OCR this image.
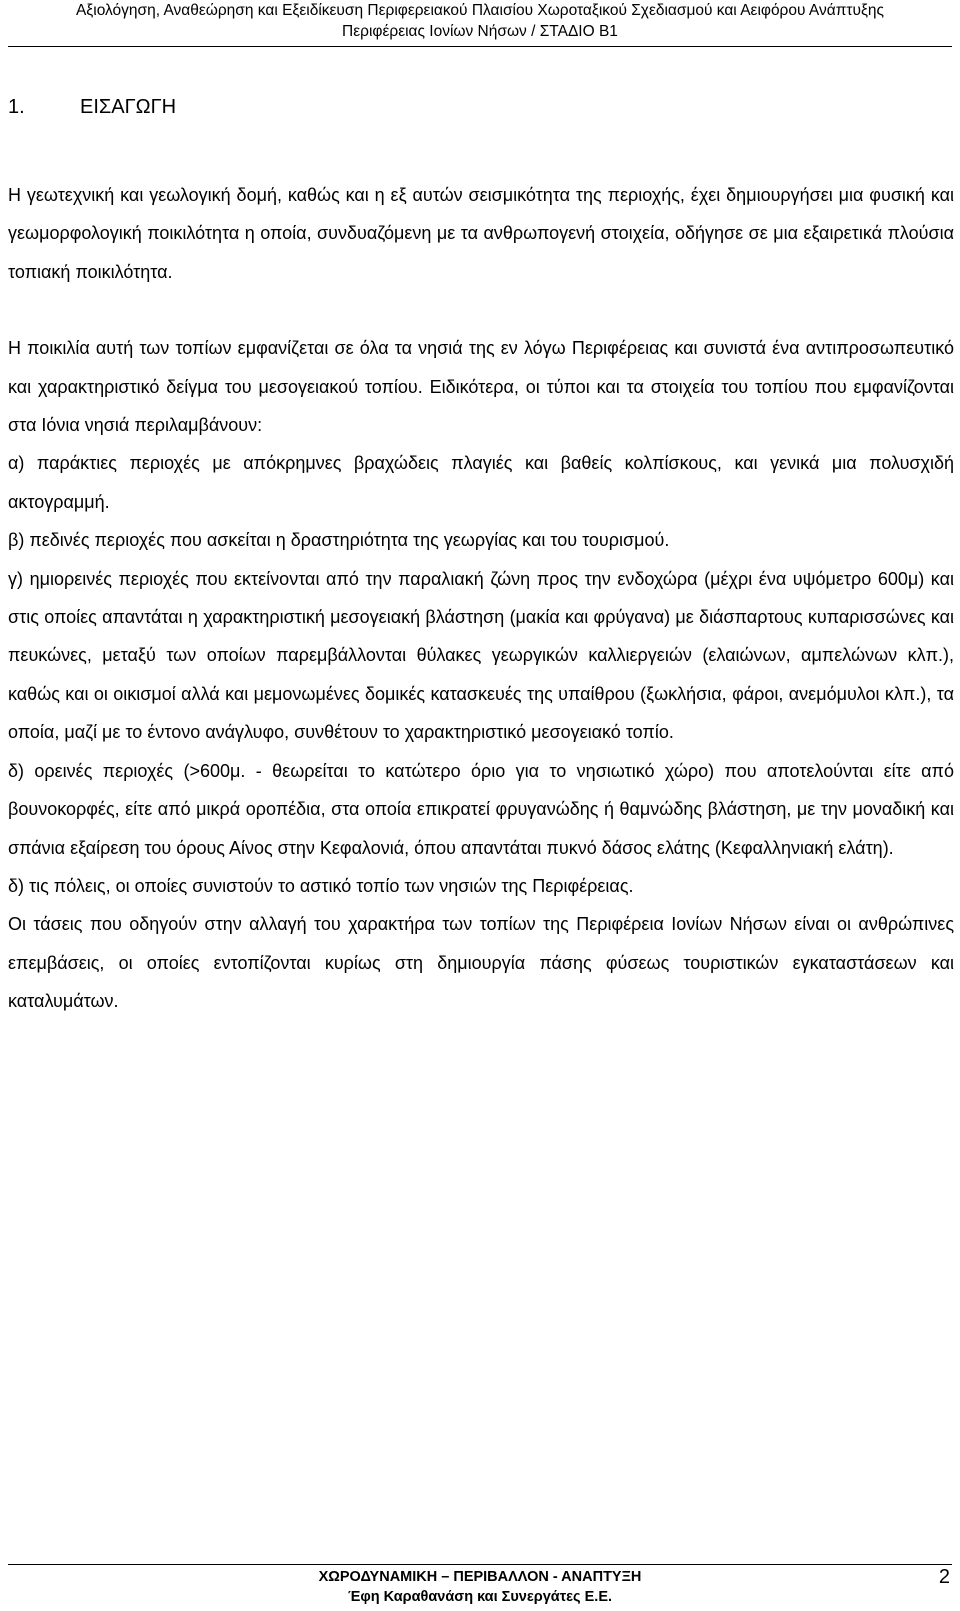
Αξιολόγηση, Αναθεώρηση και Εξειδίκευση Περιφερειακού Πλαισίου Χωροταξικού Σχεδιασμού και Αειφόρου Ανάπτυξης
Περιφέρειας Ιονίων Νήσων / ΣΤΑΔΙΟ Β1
1.	ΕΙΣΑΓΩΓΗ

Η γεωτεχνική και γεωλογική δομή, καθώς και η εξ αυτών σεισμικότητα της περιοχής, έχει δημιουργήσει μια φυσική και γεωμορφολογική ποικιλότητα η οποία, συνδυαζόμενη με τα ανθρωπογενή στοιχεία, οδήγησε σε μια εξαιρετικά πλούσια τοπιακή ποικιλότητα.

Η ποικιλία αυτή των τοπίων εμφανίζεται σε όλα τα νησιά της εν λόγω Περιφέρειας και συνιστά ένα αντιπροσωπευτικό και χαρακτηριστικό δείγμα του μεσογειακού τοπίου. Ειδικότερα, οι τύποι και τα στοιχεία του τοπίου που εμφανίζονται στα Ιόνια νησιά περιλαμβάνουν:

α) παράκτιες περιοχές με απόκρημνες βραχώδεις πλαγιές και βαθείς κολπίσκους, και γενικά μια πολυσχιδή ακτογραμμή.

β) πεδινές περιοχές που ασκείται η δραστηριότητα της γεωργίας και του τουρισμού.

γ) ημιορεινές περιοχές που εκτείνονται από την παραλιακή ζώνη προς την ενδοχώρα (μέχρι ένα υψόμετρο 600μ) και στις οποίες απαντάται η χαρακτηριστική μεσογειακή βλάστηση (μακία και φρύγανα) με διάσπαρτους κυπαρισσώνες και πευκώνες, μεταξύ των οποίων παρεμβάλλονται θύλακες γεωργικών καλλιεργειών (ελαιώνων, αμπελώνων κλπ.), καθώς και οι οικισμοί αλλά και μεμονωμένες δομικές κατασκευές της υπαίθρου (ξωκλήσια, φάροι, ανεμόμυλοι κλπ.), τα οποία, μαζί με το έντονο ανάγλυφο, συνθέτουν το χαρακτηριστικό μεσογειακό τοπίο.

δ) ορεινές περιοχές (>600μ. - θεωρείται το κατώτερο όριο για το νησιωτικό χώρο) που αποτελούνται είτε από βουνοκορφές, είτε από μικρά οροπέδια, στα οποία επικρατεί φρυγανώδης ή θαμνώδης βλάστηση, με την μοναδική και σπάνια εξαίρεση του όρους Αίνος στην Κεφαλονιά, όπου απαντάται πυκνό δάσος ελάτης (Κεφαλληνιακή ελάτη).

δ) τις πόλεις, οι οποίες συνιστούν το αστικό τοπίο των νησιών της Περιφέρειας.

Οι τάσεις που οδηγούν στην αλλαγή του χαρακτήρα των τοπίων της Περιφέρεια Ιονίων Νήσων είναι οι ανθρώπινες επεμβάσεις, οι οποίες εντοπίζονται κυρίως στη δημιουργία πάσης φύσεως τουριστικών εγκαταστάσεων και καταλυμάτων.

ΧΩΡΟΔΥΝΑΜΙΚΗ – ΠΕΡΙΒΑΛΛΟΝ - ΑΝΑΠΤΥΞΗ
Έφη Καραθανάση και Συνεργάτες Ε.Ε.
2
